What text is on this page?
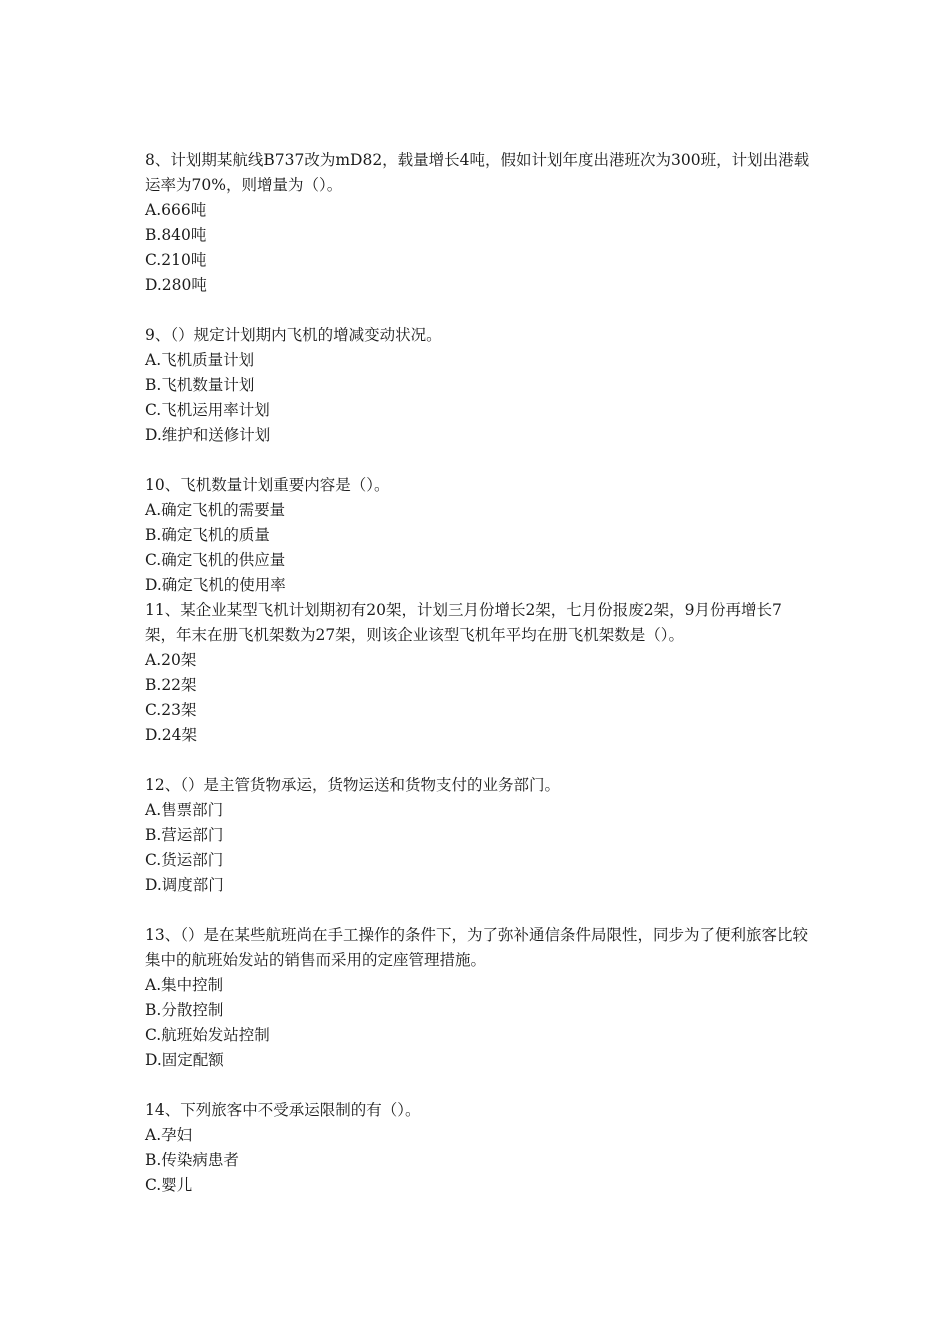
8、计划期某航线B737改为mD82，载量增长4吨，假如计划年度出港班次为300班，计划出港载运率为70%，则增量为（）。
A.666吨
B.840吨
C.210吨
D.280吨
9、（）规定计划期内飞机的增减变动状况。
A.飞机质量计划
B.飞机数量计划
C.飞机运用率计划
D.维护和送修计划
10、飞机数量计划重要内容是（）。
A.确定飞机的需要量
B.确定飞机的质量
C.确定飞机的供应量
D.确定飞机的使用率
11、某企业某型飞机计划期初有20架，计划三月份增长2架，七月份报废2架，9月份再增长7架，年末在册飞机架数为27架，则该企业该型飞机年平均在册飞机架数是（）。
A.20架
B.22架
C.23架
D.24架
12、（）是主管货物承运，货物运送和货物支付的业务部门。
A.售票部门
B.营运部门
C.货运部门
D.调度部门
13、（）是在某些航班尚在手工操作的条件下，为了弥补通信条件局限性，同步为了便利旅客比较集中的航班始发站的销售而采用的定座管理措施。
A.集中控制
B.分散控制
C.航班始发站控制
D.固定配额
14、下列旅客中不受承运限制的有（）。
A.孕妇
B.传染病患者
C.婴儿
